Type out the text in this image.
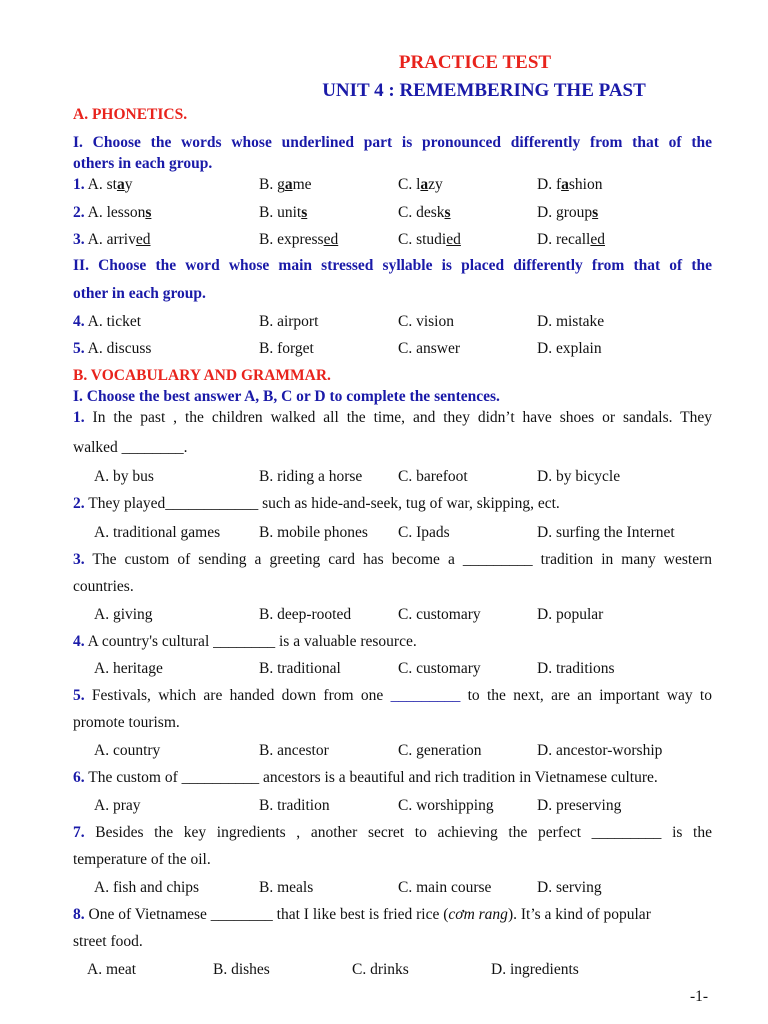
PRACTICE TEST
UNIT 4 : REMEMBERING THE PAST
A. PHONETICS.
I. Choose the words whose underlined part is pronounced differently from that of the
others in each group.
1. A. stay	B. game	C. lazy	D. fashion
2. A. lessons	B. units	C. desks	D. groups
3. A. arrived	B. expressed	C. studied	D. recalled
II. Choose the word whose main stressed syllable is placed differently from that of the
other in each group.
4. A. ticket	B. airport	C. vision	D. mistake
5. A. discuss	B. forget	C. answer	D. explain
B. VOCABULARY AND GRAMMAR.
I. Choose the best answer A, B, C or D to complete the sentences.
1. In the past , the children walked all the time, and they didn’t have shoes or sandals. They
walked ________.
A. by bus	B. riding a horse C. barefoot	D. by bicycle
2. They played____________ such as hide-and-seek, tug of war, skipping, ect.
A. traditional games	B. mobile phones C. Ipads	D. surfing the Internet
3. The custom of sending a greeting card has become a _________ tradition in many western
countries.
A. giving	B. deep-rooted	C. customary	D. popular
4. A country's cultural ________ is a valuable resource.
A. heritage	B. traditional	C. customary	D. traditions
5. Festivals, which are handed down from one _________ to the next, are an important way to
promote tourism.
A. country	B. ancestor	C. generation	D. ancestor-worship
6. The custom of __________ ancestors is a beautiful and rich tradition in Vietnamese culture.
A. pray	B. tradition	C. worshipping	D. preserving
7. Besides the key ingredients , another secret to achieving the perfect _________ is the
temperature of the oil.
A. fish and chips	B. meals	C. main course	D. serving
8. One of Vietnamese ________ that I like best is fried rice (cơm rang). It’s a kind of popular
street food.
A. meat	B. dishes	C. drinks	D. ingredients
-1-
